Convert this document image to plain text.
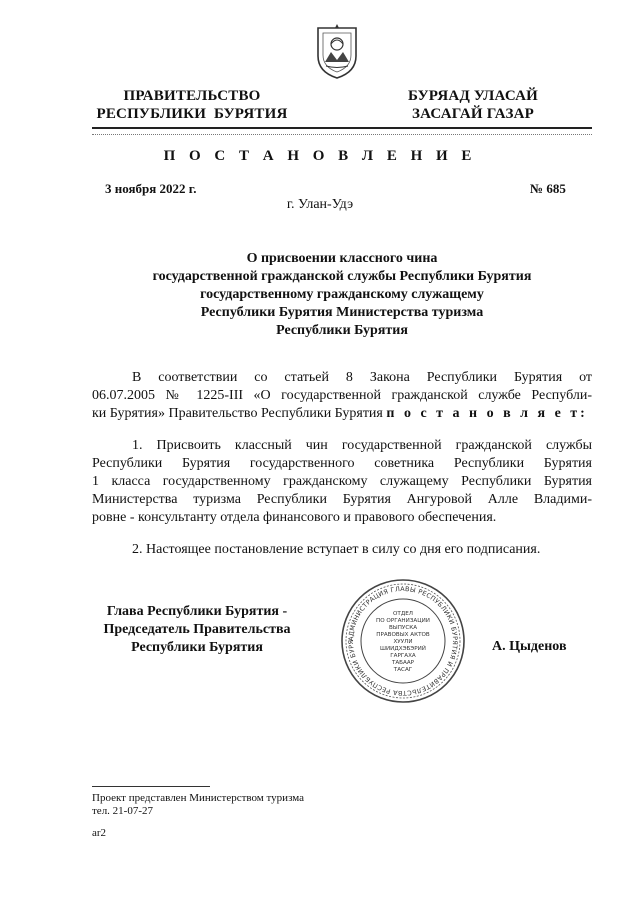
ПРАВИТЕЛЬСТВО
РЕСПУБЛИКИ  БУРЯТИЯ
БУРЯАД УЛАСАЙ
ЗАСАГАЙ ГАЗАР
П О С Т А Н О В Л Е Н И Е
3 ноября 2022 г.	№ 685
г. Улан-Удэ
О присвоении классного чина
государственной гражданской службы Республики Бурятия
государственному гражданскому служащему
Республики Бурятия Министерства туризма
Республики Бурятия
В соответствии со статьей 8 Закона Республики Бурятия от
06.07.2005 № 1225-III «О государственной гражданской службе Республи-
ки Бурятия» Правительство Республики Бурятия п о с т а н о в л я е т:
1. Присвоить классный чин государственной гражданской службы
Республики Бурятия государственного советника Республики Бурятия
1 класса государственному гражданскому служащему Республики Бурятия
Министерства туризма Республики Бурятия Ангуровой Алле Владими-
ровне - консультанту отдела финансового и правового обеспечения.
2. Настоящее постановление вступает в силу со дня его подписания.
Глава Республики Бурятия -
Председатель Правительства
Республики Бурятия
АДМИНИСТРАЦИЯ ГЛАВЫ РЕСПУБЛИКИ БУРЯТИЯ И ПРАВИТЕЛЬСТВА РЕСПУБЛИКИ БУРЯ
ОТДЕЛ
ПО ОРГАНИЗАЦИИ
ВЫПУСКА
ПРАВОВЫХ АКТОВ
ХУУЛИ
ШИИДХЭБЭРИЙ
ГАРГАХА
ТАБААР
ТАСАГ
А. Цыденов
Проект представлен Министерством туризма
тел. 21-07-27
ar2
